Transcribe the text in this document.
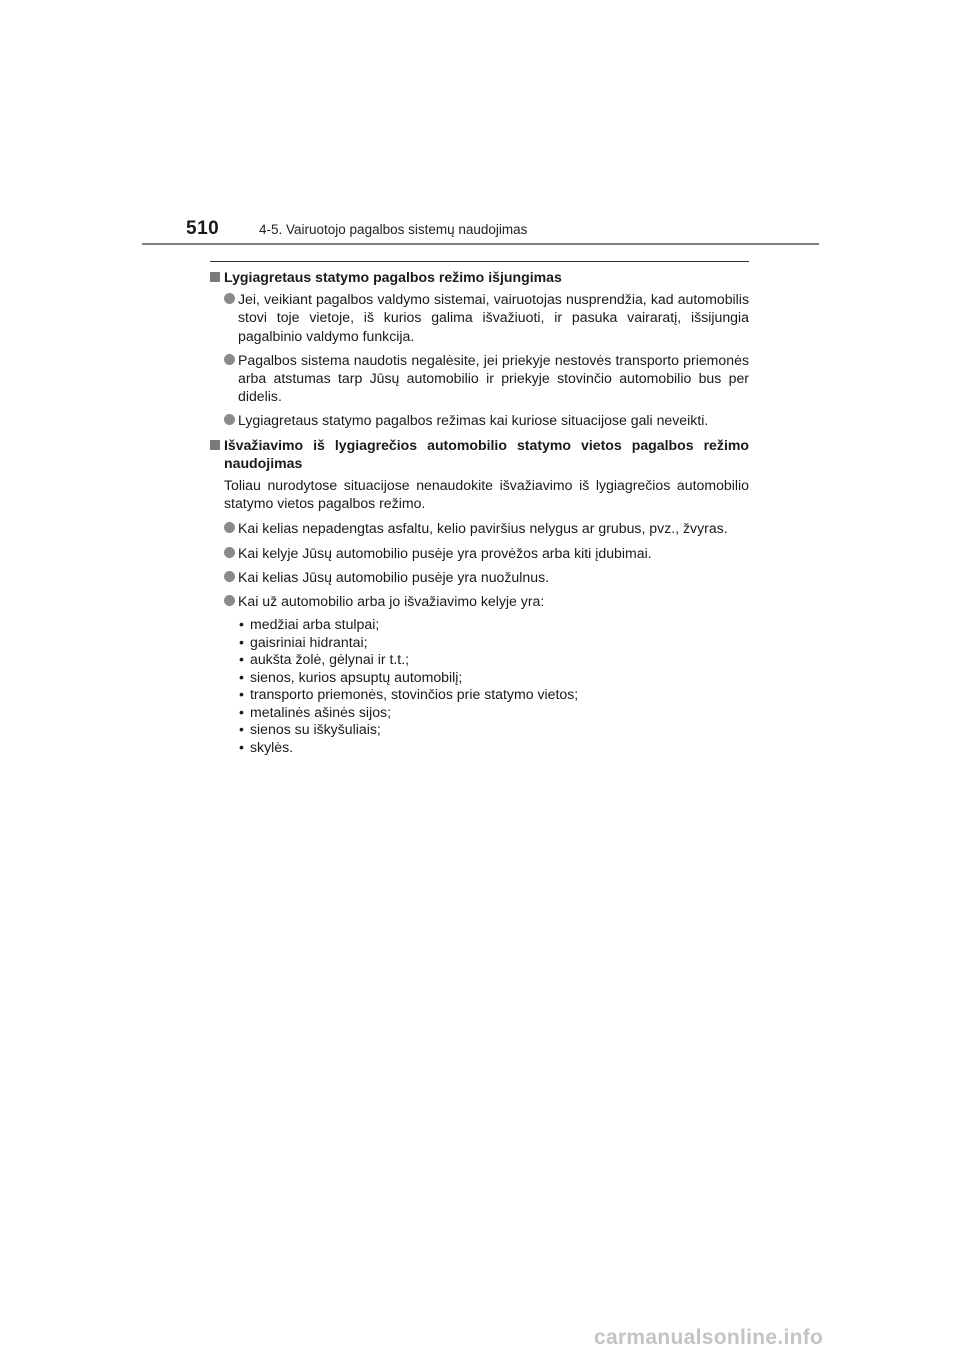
510	4-5. Vairuotojo pagalbos sistemų naudojimas
Lygiagretaus statymo pagalbos režimo išjungimas
Jei, veikiant pagalbos valdymo sistemai, vairuotojas nusprendžia, kad automobilis stovi toje vietoje, iš kurios galima išvažiuoti, ir pasuka vairaratį, išsijungia pagalbinio valdymo funkcija.
Pagalbos sistema naudotis negalėsite, jei priekyje nestovės transporto priemonės arba atstumas tarp Jūsų automobilio ir priekyje stovinčio automobilio bus per didelis.
Lygiagretaus statymo pagalbos režimas kai kuriose situacijose gali neveikti.
Išvažiavimo iš lygiagrečios automobilio statymo vietos pagalbos režimo naudojimas
Toliau nurodytose situacijose nenaudokite išvažiavimo iš lygiagrečios automobilio statymo vietos pagalbos režimo.
Kai kelias nepadengtas asfaltu, kelio paviršius nelygus ar grubus, pvz., žvyras.
Kai kelyje Jūsų automobilio pusėje yra provėžos arba kiti įdubimai.
Kai kelias Jūsų automobilio pusėje yra nuožulnus.
Kai už automobilio arba jo išvažiavimo kelyje yra:
• medžiai arba stulpai;
• gaisriniai hidrantai;
• aukšta žolė, gėlynai ir t.t.;
• sienos, kurios apsuptų automobilį;
• transporto priemonės, stovinčios prie statymo vietos;
• metalinės ašinės sijos;
• sienos su iškyšuliais;
• skylės.
carmanualsonline.info
